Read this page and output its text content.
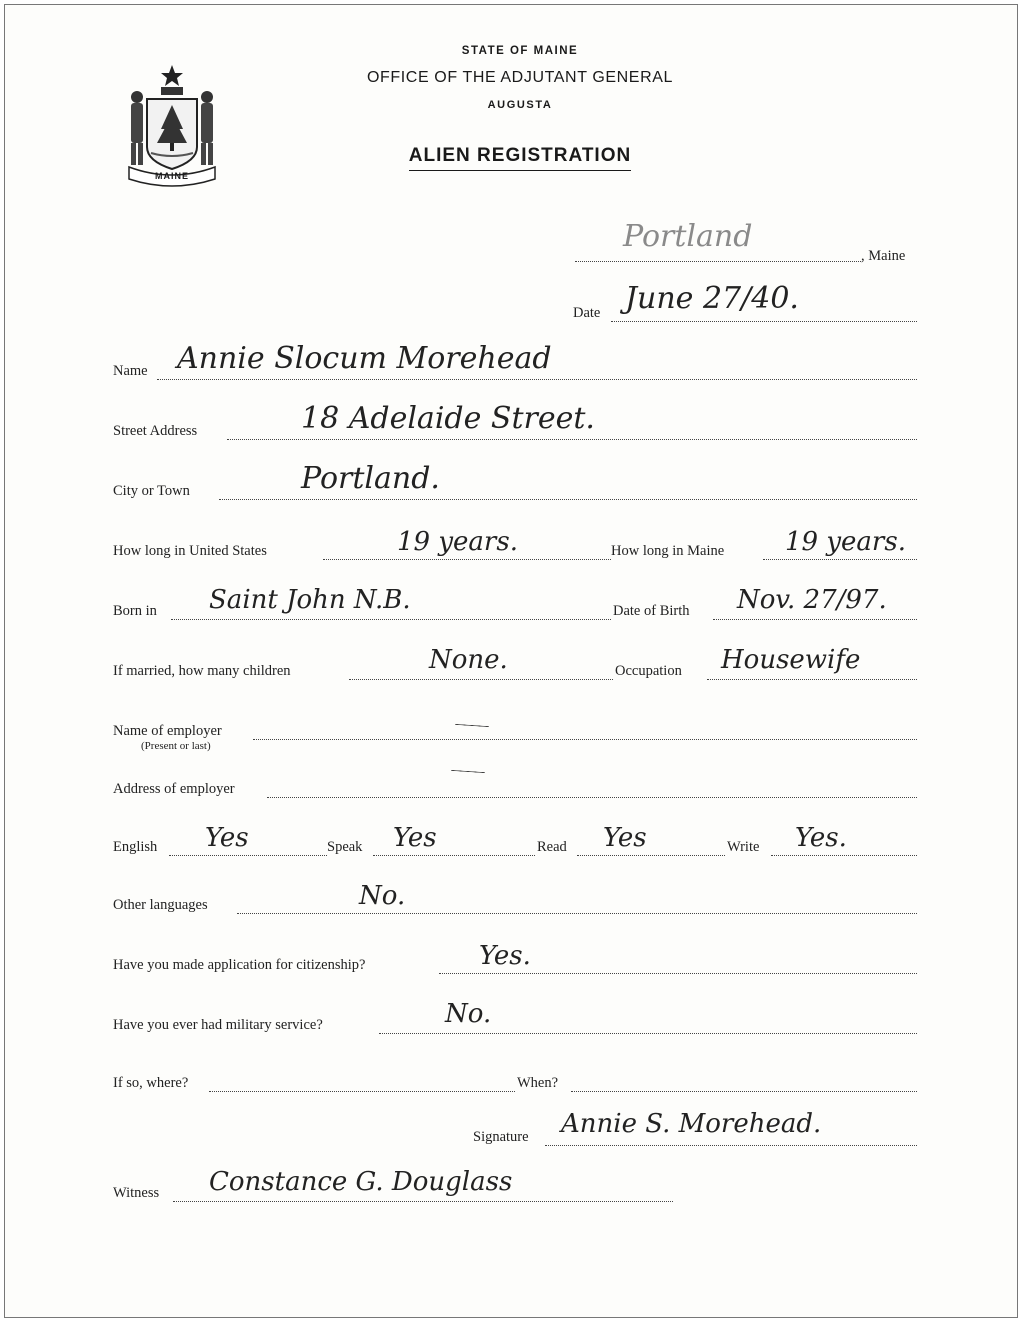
MAINE
STATE OF MAINE
OFFICE OF THE ADJUTANT GENERAL
AUGUSTA
ALIEN REGISTRATION
Portland
, Maine
Date June 27/40.
Name Annie Slocum Morehead
Street Address	18 Adelaide Street.
City or Town	Portland.
How long in United States	19 years.	How long in Maine 19 years.
Born in Saint John N.B.	Date of Birth Nov. 27/97.
If married, how many children	None.	Occupation Housewife
Name of employer
(Present or last)
Address of employer
English Yes	Speak Yes	Read Yes	Write Yes.
Other languages	No.
Have you made application for citizenship?	Yes.
Have you ever had military service?	No.
If so, where?	When?
Signature Annie S. Morehead.
Witness Constance G. Douglass
